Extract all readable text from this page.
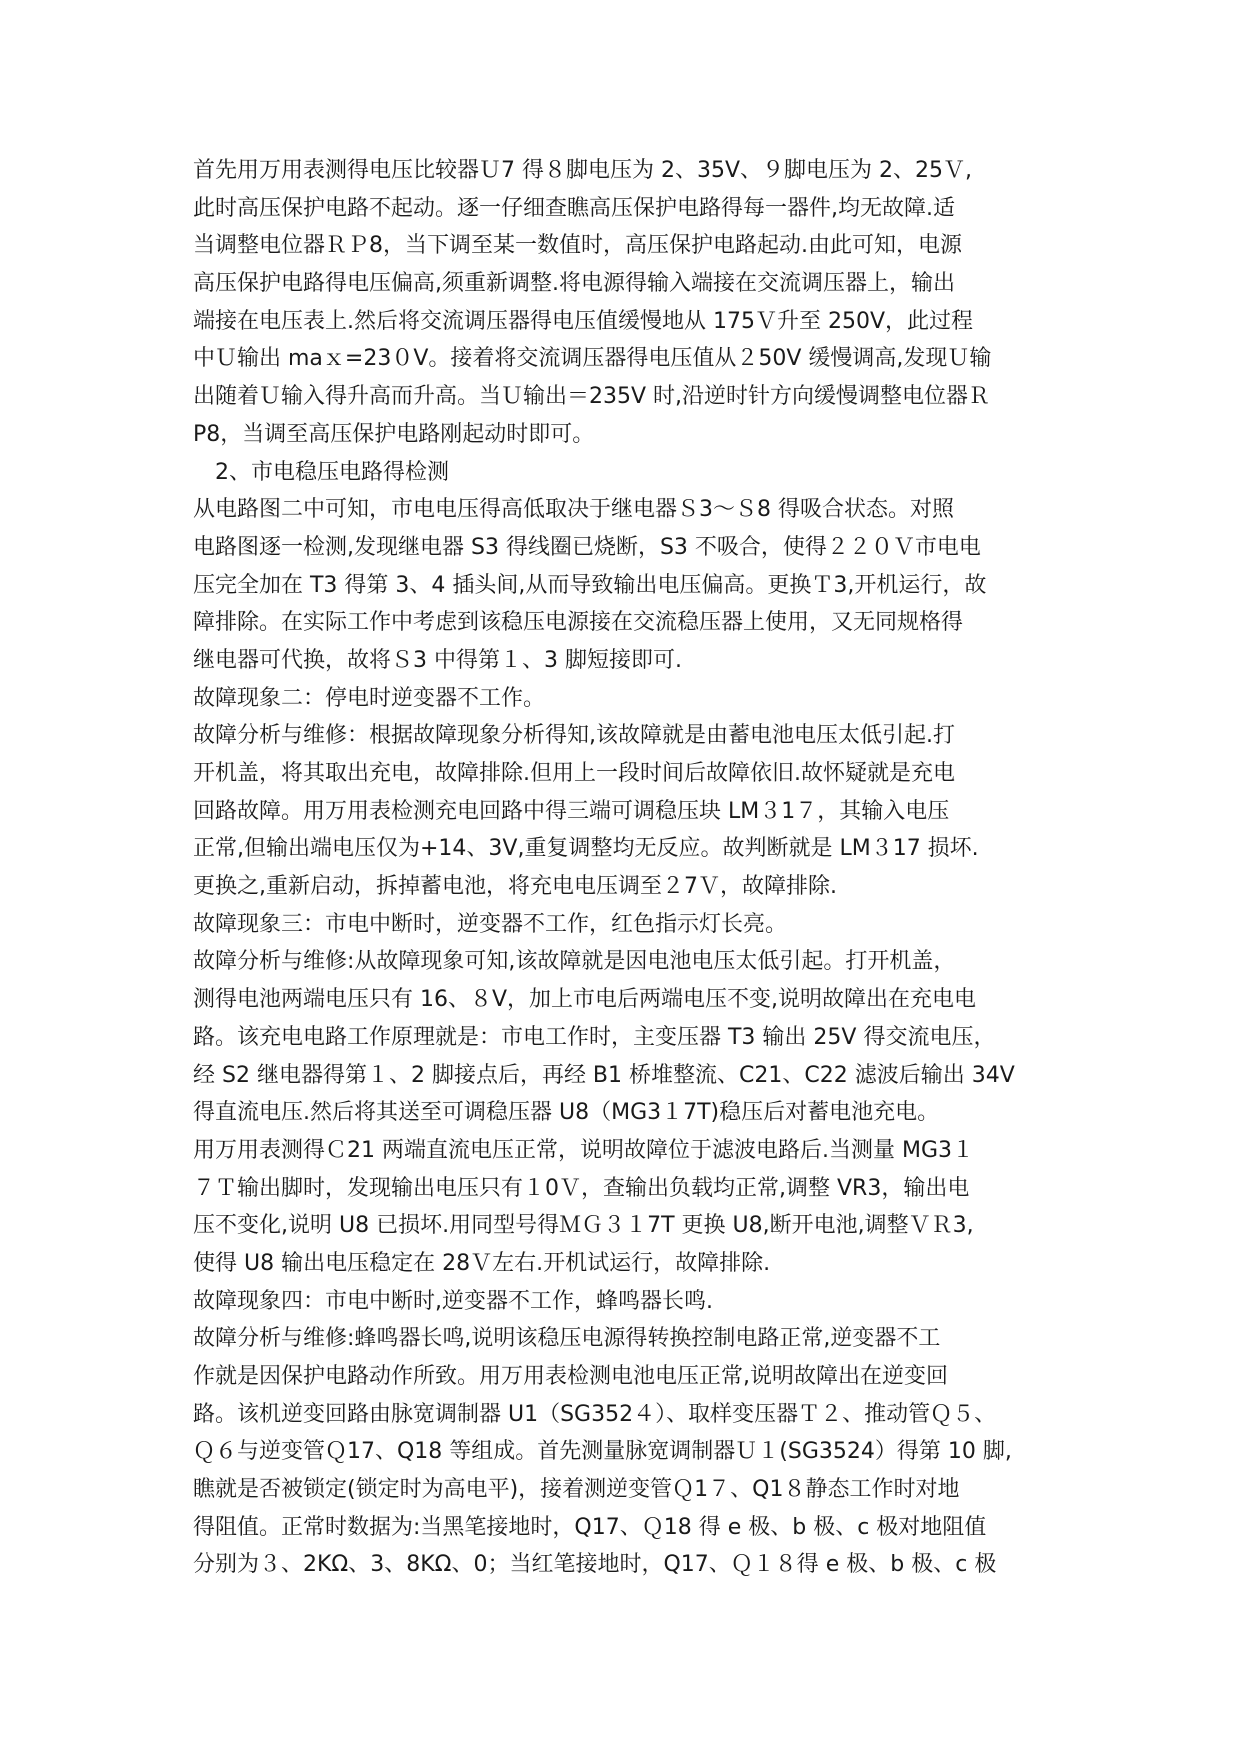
首先用万用表测得电压比较器Ｕ7 得８脚电压为 2、35V、９脚电压为 2、25Ｖ,
此时高压保护电路不起动。逐一仔细查瞧高压保护电路得每一器件,均无故障.适
当调整电位器ＲＰ8，当下调至某一数值时，高压保护电路起动.由此可知，电源
高压保护电路得电压偏高,须重新调整.将电源得输入端接在交流调压器上，输出
端接在电压表上.然后将交流调压器得电压值缓慢地从 175Ｖ升至 250V，此过程
中Ｕ输出 maｘ=23０V。接着将交流调压器得电压值从２50V 缓慢调高,发现Ｕ输
出随着Ｕ输入得升高而升高。当Ｕ输出＝235V 时,沿逆时针方向缓慢调整电位器Ｒ
P8，当调至高压保护电路刚起动时即可。
2、市电稳压电路得检测
从电路图二中可知，市电电压得高低取决于继电器Ｓ3～Ｓ8 得吸合状态。对照
电路图逐一检测,发现继电器 S3 得线圈已烧断，S3 不吸合，使得２２０Ｖ市电电
压完全加在 T3 得第 3、4 插头间,从而导致输出电压偏高。更换Ｔ3,开机运行，故
障排除。在实际工作中考虑到该稳压电源接在交流稳压器上使用，又无同规格得
继电器可代换，故将Ｓ3 中得第１、3 脚短接即可.
故障现象二：停电时逆变器不工作。
故障分析与维修：根据故障现象分析得知,该故障就是由蓄电池电压太低引起.打
开机盖，将其取出充电，故障排除.但用上一段时间后故障依旧.故怀疑就是充电
回路故障。用万用表检测充电回路中得三端可调稳压块 LM３1７，其输入电压
正常,但输出端电压仅为+14、3V,重复调整均无反应。故判断就是 LM３17 损坏.
更换之,重新启动，拆掉蓄电池，将充电电压调至２7Ｖ，故障排除.
故障现象三：市电中断时，逆变器不工作，红色指示灯长亮。
故障分析与维修:从故障现象可知,该故障就是因电池电压太低引起。打开机盖，
测得电池两端电压只有 16、８V，加上市电后两端电压不变,说明故障出在充电电
路。该充电电路工作原理就是：市电工作时，主变压器 T3 输出 25V 得交流电压，
经 S2 继电器得第１、2 脚接点后，再经 B1 桥堆整流、C21、C22 滤波后输出 34V
得直流电压.然后将其送至可调稳压器 U8（MG3１7T)稳压后对蓄电池充电。
用万用表测得Ｃ21 两端直流电压正常，说明故障位于滤波电路后.当测量 MG3１
７Ｔ输出脚时，发现输出电压只有１0Ｖ，查输出负载均正常,调整 VR3，输出电
压不变化,说明 U8 已损坏.用同型号得ＭＧ３１7T 更换 U8,断开电池,调整ＶＲ3,
使得 U8 输出电压稳定在 28Ｖ左右.开机试运行，故障排除.
故障现象四：市电中断时,逆变器不工作，蜂鸣器长鸣.
故障分析与维修:蜂鸣器长鸣,说明该稳压电源得转换控制电路正常,逆变器不工
作就是因保护电路动作所致。用万用表检测电池电压正常,说明故障出在逆变回
路。该机逆变回路由脉宽调制器 U1（SG352４）、取样变压器Ｔ２、推动管Ｑ５、
Ｑ６与逆变管Ｑ17、Q18 等组成。首先测量脉宽调制器Ｕ１(SG3524）得第 10 脚,
瞧就是否被锁定(锁定时为高电平)，接着测逆变管Ｑ1７、Q1８静态工作时对地
得阻值。正常时数据为:当黑笔接地时，Q17、Ｑ18 得 e 极、b 极、c 极对地阻值
分别为３、2KΩ、3、8KΩ、0；当红笔接地时，Q17、Ｑ１８得 e 极、b 极、c 极
